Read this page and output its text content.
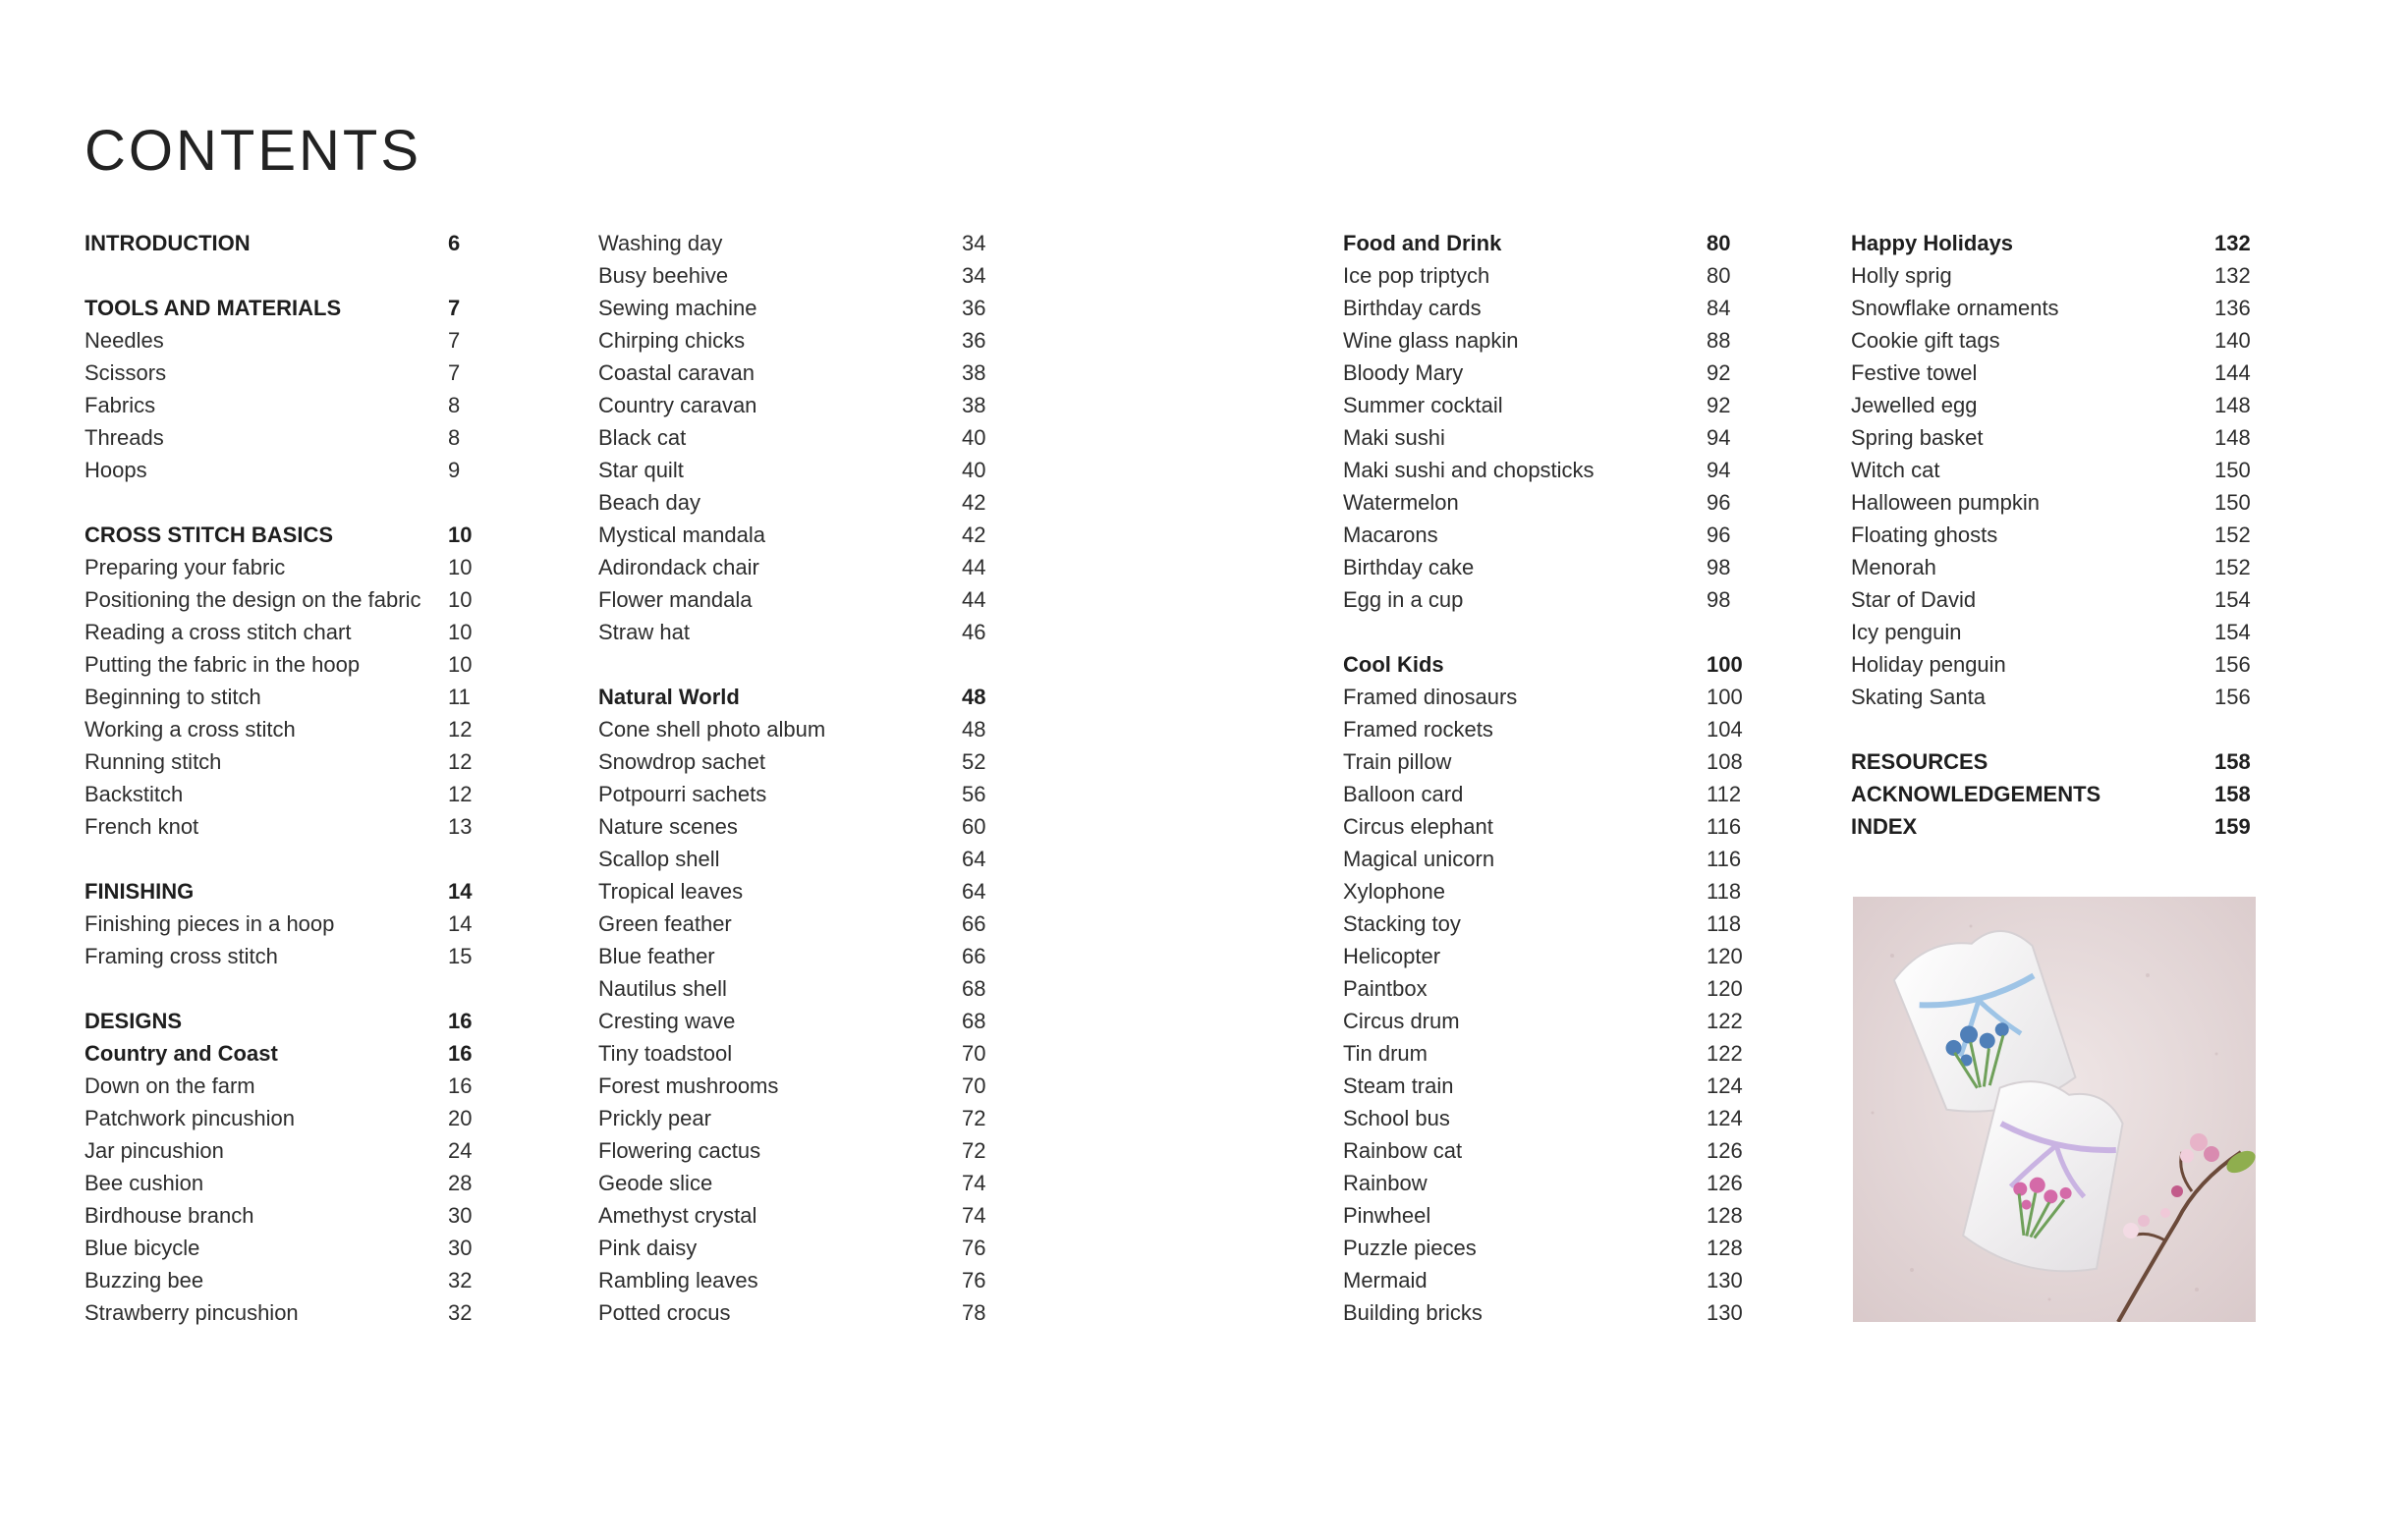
CONTENTS
INTRODUCTION	6
TOOLS AND MATERIALS	7
Needles	7
Scissors	7
Fabrics	8
Threads	8
Hoops	9
CROSS STITCH BASICS	10
Preparing your fabric	10
Positioning the design on the fabric 10
Reading a cross stitch chart	10
Putting the fabric in the hoop	10
Beginning to stitch	11
Working a cross stitch	12
Running stitch	12
Backstitch	12
French knot	13
FINISHING	14
Finishing pieces in a hoop	14
Framing cross stitch	15
DESIGNS	16
Country and Coast	16
Down on the farm	16
Patchwork pincushion	20
Jar pincushion	24
Bee cushion	28
Birdhouse branch	30
Blue bicycle	30
Buzzing bee	32
Strawberry pincushion	32
Washing day	34
Busy beehive	34
Sewing machine	36
Chirping chicks	36
Coastal caravan	38
Country caravan	38
Black cat	40
Star quilt	40
Beach day	42
Mystical mandala	42
Adirondack chair	44
Flower mandala	44
Straw hat	46
Natural World	48
Cone shell photo album	48
Snowdrop sachet	52
Potpourri sachets	56
Nature scenes	60
Scallop shell	64
Tropical leaves	64
Green feather	66
Blue feather	66
Nautilus shell	68
Cresting wave	68
Tiny toadstool	70
Forest mushrooms	70
Prickly pear	72
Flowering cactus	72
Geode slice	74
Amethyst crystal	74
Pink daisy	76
Rambling leaves	76
Potted crocus	78
Food and Drink	80
Ice pop triptych	80
Birthday cards	84
Wine glass napkin	88
Bloody Mary	92
Summer cocktail	92
Maki sushi	94
Maki sushi and chopsticks	94
Watermelon	96
Macarons	96
Birthday cake	98
Egg in a cup	98
Cool Kids	100
Framed dinosaurs	100
Framed rockets	104
Train pillow	108
Balloon card	112
Circus elephant	116
Magical unicorn	116
Xylophone	118
Stacking toy	118
Helicopter	120
Paintbox	120
Circus drum	122
Tin drum	122
Steam train	124
School bus	124
Rainbow cat	126
Rainbow	126
Pinwheel	128
Puzzle pieces	128
Mermaid	130
Building bricks	130
Happy Holidays	132
Holly sprig	132
Snowflake ornaments	136
Cookie gift tags	140
Festive towel	144
Jewelled egg	148
Spring basket	148
Witch cat	150
Halloween pumpkin	150
Floating ghosts	152
Menorah	152
Star of David	154
Icy penguin	154
Holiday penguin	156
Skating Santa	156
RESOURCES	158
ACKNOWLEDGEMENTS	158
INDEX	159
